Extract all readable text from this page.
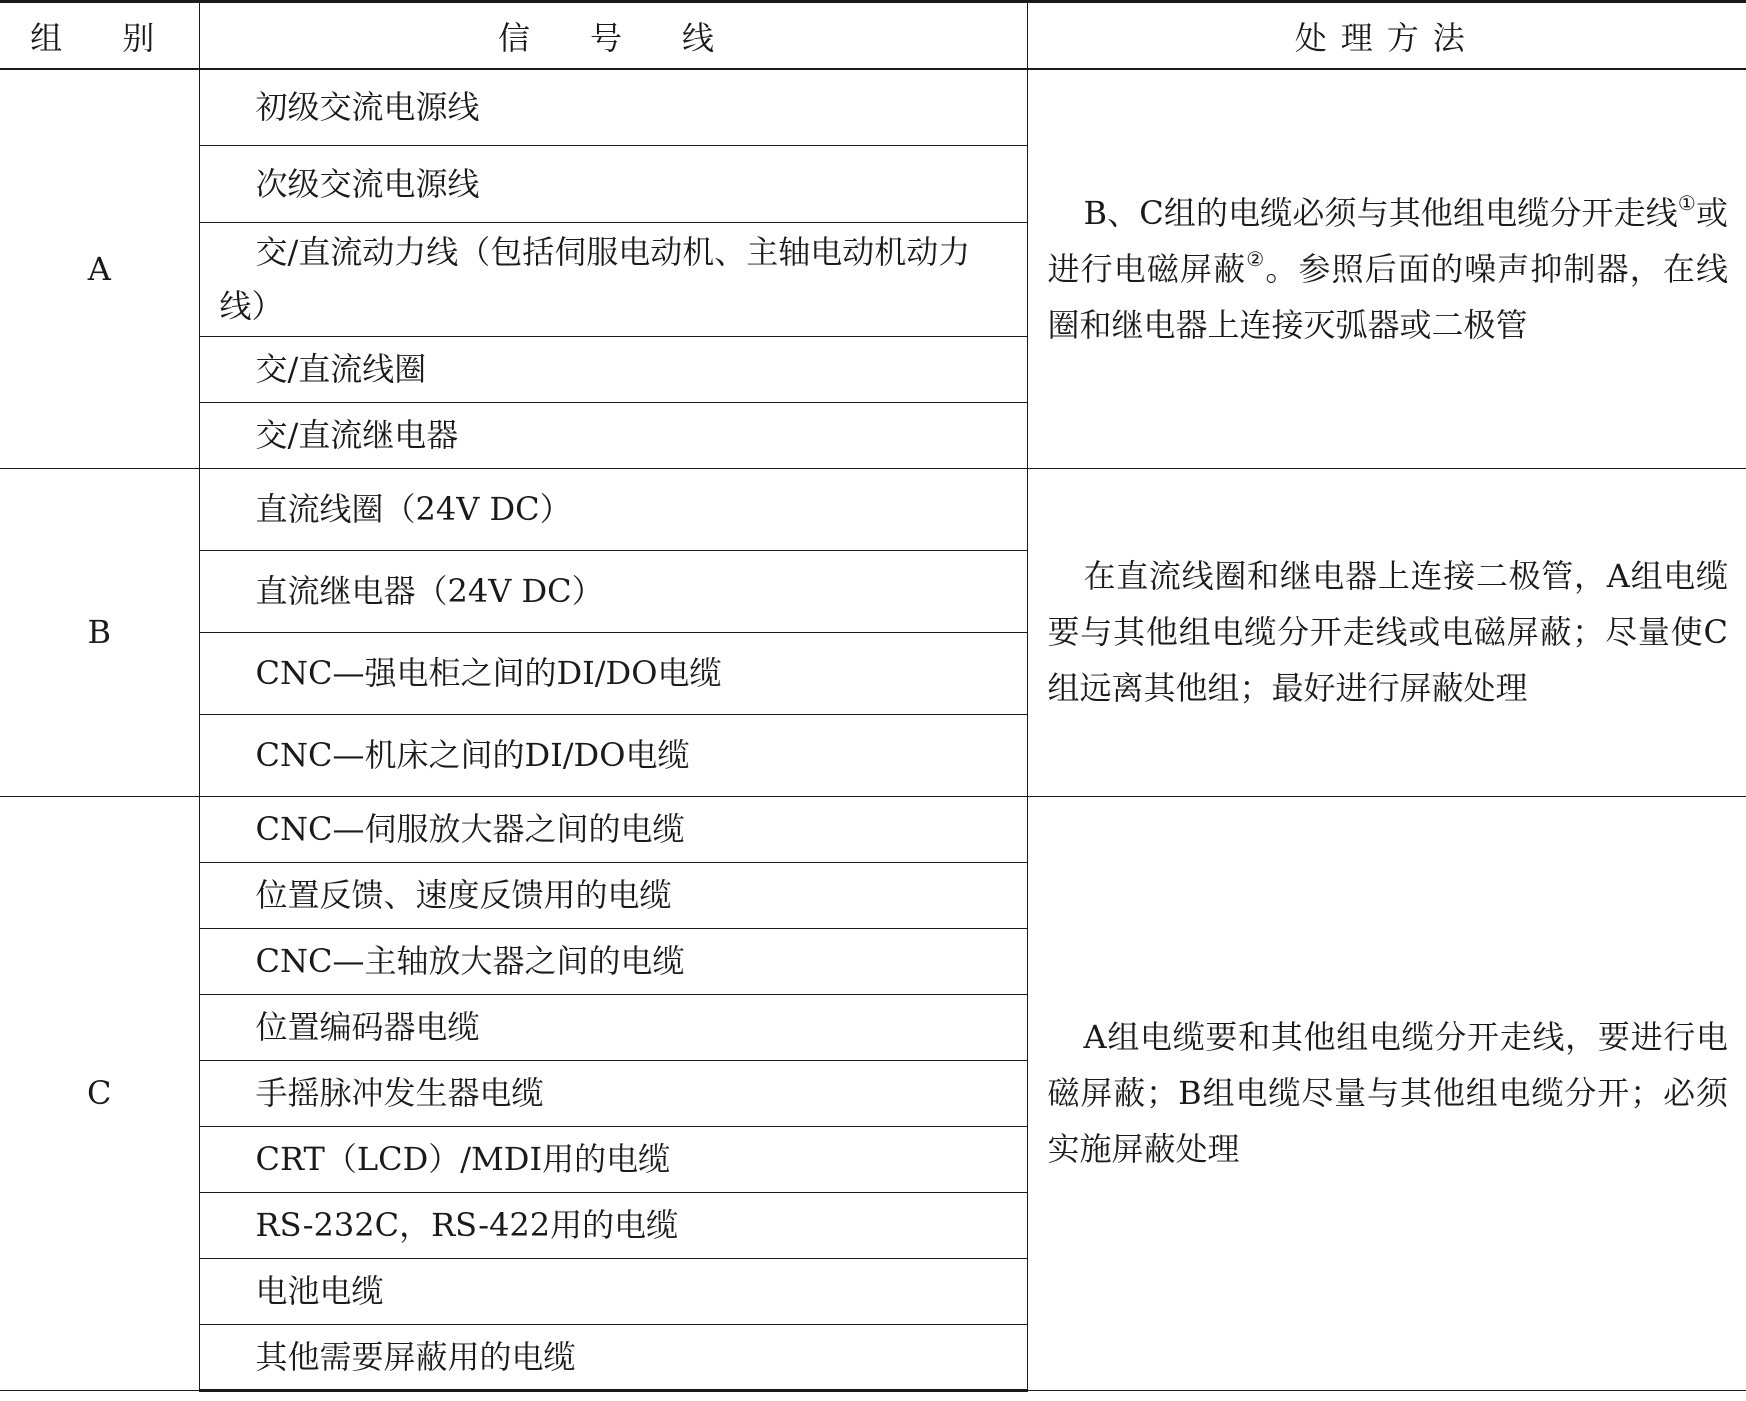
组　别	信　号　线	处理方法
A	初级交流电源线	B、C组的电缆必须与其他组电缆分开走线①或进行电磁屏蔽②。参照后面的噪声抑制器，在线圈和继电器上连接灭弧器或二极管
	次级交流电源线	
	交/直流动力线（包括伺服电动机、主轴电动机动力线）	
	交/直流线圈	
	交/直流继电器	
B	直流线圈（24V DC）	在直流线圈和继电器上连接二极管，A组电缆要与其他组电缆分开走线或电磁屏蔽；尽量使C组远离其他组；最好进行屏蔽处理
	直流继电器（24V DC）	
	CNC—强电柜之间的DI/DO电缆	
	CNC—机床之间的DI/DO电缆	
C	CNC—伺服放大器之间的电缆	A组电缆要和其他组电缆分开走线，要进行电磁屏蔽；B组电缆尽量与其他组电缆分开；必须实施屏蔽处理
	位置反馈、速度反馈用的电缆	
	CNC—主轴放大器之间的电缆	
	位置编码器电缆	
	手摇脉冲发生器电缆	
	CRT（LCD）/MDI用的电缆	
	RS-232C，RS-422用的电缆	
	电池电缆	
	其他需要屏蔽用的电缆	
